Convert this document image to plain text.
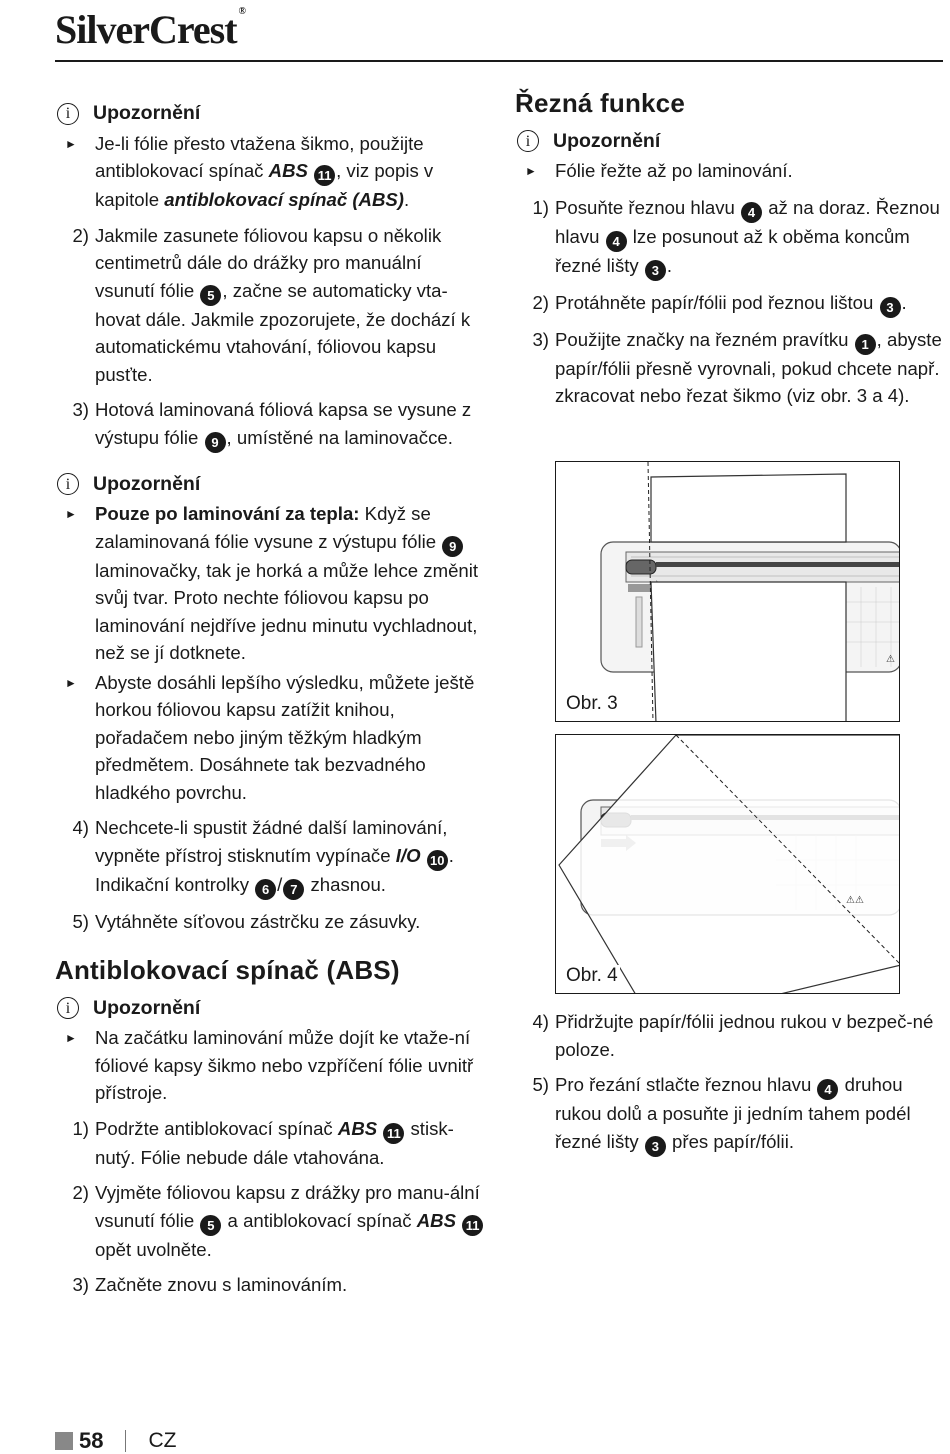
SilverCrest ®
i	Upozornění
► Je-li fólie přesto vtažena šikmo, použijte antiblokovací spínač ABS 11 , viz popis v kapitole antiblokovací spínač (ABS).
2) Jakmile zasunete fóliovou kapsu o několik centimetrů dále do drážky pro manuální vsunutí fólie 5 , začne se automaticky vta-hovat dále. Jakmile zpozorujete, že dochází k automatickému vtahování, fóliovou kapsu pusťte.
3) Hotová laminovaná fóliová kapsa se vysune z výstupu fólie 9 , umístěné na laminovačce.
i	Upozornění
► Pouze po laminování za tepla: Když se zalaminovaná fólie vysune z výstupu fólie 9 laminovačky, tak je horká a může lehce změnit svůj tvar. Proto nechte fóliovou kapsu po laminování nejdříve jednu minutu vychladnout, než se jí dotknete.
► Abyste dosáhli lepšího výsledku, můžete ještě horkou fóliovou kapsu zatížit knihou, pořadačem nebo jiným těžkým hladkým předmětem. Dosáhnete tak bezvadného hladkého povrchu.
4) Nechcete-li spustit žádné další laminování, vypněte přístroj stisknutím vypínače I/O 10 . Indikační kontrolky 6 / 7 zhasnou.
5) Vytáhněte síťovou zástrčku ze zásuvky.
Antiblokovací spínač (ABS)
i	Upozornění
► Na začátku laminování může dojít ke vtaže-ní fóliové kapsy šikmo nebo vzpříčení fólie uvnitř přístroje.
1) Podržte antiblokovací spínač ABS 11 stisk-nutý. Fólie nebude dále vtahována.
2) Vyjměte fóliovou kapsu z drážky pro manu-ální vsunutí fólie 5 a antiblokovací spínač ABS 11 opět uvolněte.
3) Začněte znovu s laminováním.
Řezná funkce
i	Upozornění
► Fólie řežte až po laminování.
1) Posuňte řeznou hlavu 4 až na doraz. Řeznou hlavu 4 lze posunout až k oběma koncům řezné lišty 3 .
2) Protáhněte papír/fólii pod řeznou lištou 3 .
3) Použijte značky na řezném pravítku 1 , abyste papír/fólii přesně vyrovnali, pokud chcete např. zkracovat nebo řezat šikmo (viz obr. 3 a 4).
⚠
Obr. 3
⚠⚠
Obr. 4
4) Přidržujte papír/fólii jednou rukou v bezpeč-né poloze.
5) Pro řezání stlačte řeznou hlavu 4 druhou rukou dolů a posuňte ji jedním tahem podél řezné lišty 3 přes papír/fólii.
58 CZ
